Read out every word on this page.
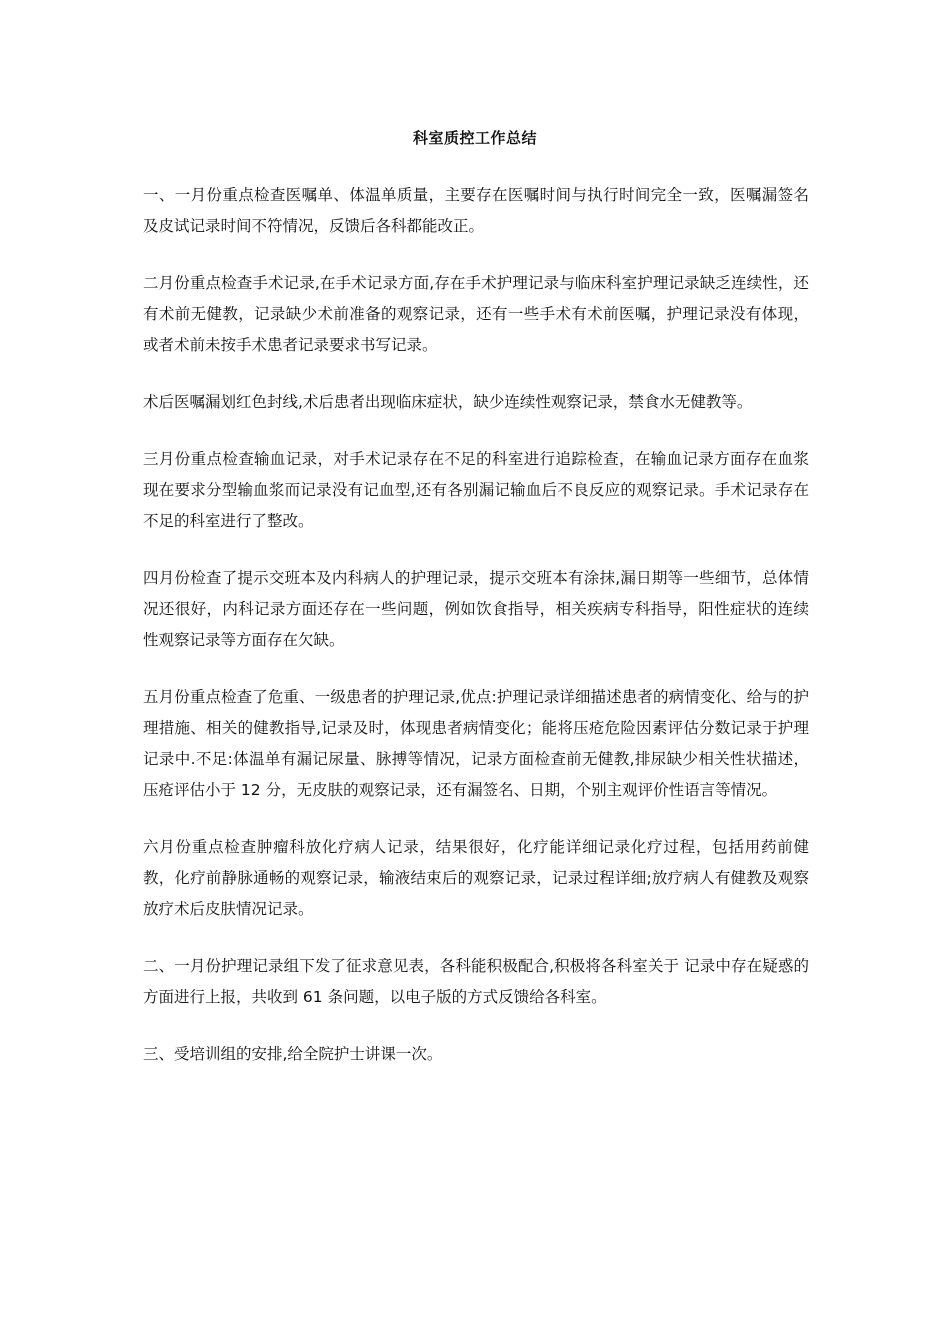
科室质控工作总结

一、一月份重点检查医嘱单、体温单质量，主要存在医嘱时间与执行时间完全一致，医嘱漏签名及皮试记录时间不符情况，反馈后各科都能改正。

二月份重点检查手术记录,在手术记录方面,存在手术护理记录与临床科室护理记录缺乏连续性，还有术前无健教，记录缺少术前准备的观察记录，还有一些手术有术前医嘱，护理记录没有体现，或者术前未按手术患者记录要求书写记录。

术后医嘱漏划红色封线,术后患者出现临床症状，缺少连续性观察记录，禁食水无健教等。

三月份重点检查输血记录，对手术记录存在不足的科室进行追踪检查，在输血记录方面存在血浆现在要求分型输血浆而记录没有记血型,还有各别漏记输血后不良反应的观察记录。手术记录存在不足的科室进行了整改。

四月份检查了提示交班本及内科病人的护理记录，提示交班本有涂抹,漏日期等一些细节，总体情况还很好，内科记录方面还存在一些问题，例如饮食指导，相关疾病专科指导，阳性症状的连续性观察记录等方面存在欠缺。

五月份重点检查了危重、一级患者的护理记录,优点:护理记录详细描述患者的病情变化、给与的护理措施、相关的健教指导,记录及时，体现患者病情变化；能将压疮危险因素评估分数记录于护理记录中.不足:体温单有漏记尿量、脉搏等情况，记录方面检查前无健教,排尿缺少相关性状描述，压疮评估小于 12 分，无皮肤的观察记录，还有漏签名、日期，个别主观评价性语言等情况。

六月份重点检查肿瘤科放化疗病人记录，结果很好，化疗能详细记录化疗过程，包括用药前健教，化疗前静脉通畅的观察记录，输液结束后的观察记录，记录过程详细;放疗病人有健教及观察放疗术后皮肤情况记录。

二、一月份护理记录组下发了征求意见表，各科能积极配合,积极将各科室关于 记录中存在疑惑的方面进行上报，共收到 61 条问题，以电子版的方式反馈给各科室。

三、受培训组的安排,给全院护士讲课一次。
